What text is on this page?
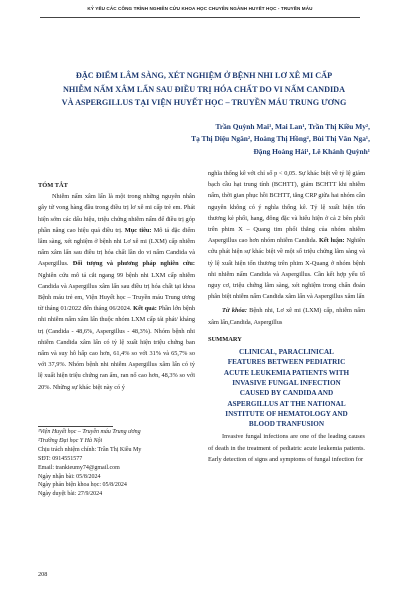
KỶ YẾU CÁC CÔNG TRÌNH NGHIÊN CỨU KHOA HỌC CHUYÊN NGÀNH HUYẾT HỌC - TRUYỀN MÁU
ĐẶC ĐIỂM LÂM SÀNG, XÉT NGHIỆM Ở BỆNH NHI LƠ XÊ MI CẤP
NHIỄM NẤM XÂM LẤN SAU ĐIỀU TRỊ HÓA CHẤT DO VI NẤM CANDIDA
VÀ ASPERGILLUS TẠI VIỆN HUYẾT HỌC – TRUYỀN MÁU TRUNG ƯƠNG
Trần Quỳnh Mai¹, Mai Lan¹, Trần Thị Kiều My²,
Tạ Thị Diệu Ngân², Hoàng Thị Hồng², Bùi Thị Vân Nga¹,
Đặng Hoàng Hải¹, Lê Khánh Quỳnh¹

TÓM TẮT

Nhiễm nấm xâm lấn là một trong những nguyên nhân gây tử vong hàng đầu trong điều trị lơ xê mi cấp trẻ em. Phát hiện sớm các dấu hiệu, triệu chứng nhiễm nấm để điều trị góp phần nâng cao hiệu quả điều trị. Mục tiêu: Mô tả đặc điểm lâm sàng, xét nghiệm ở bệnh nhi Lơ xê mi (LXM) cấp nhiễm nấm xâm lấn sau điều trị hóa chất lần do vi nấm Candida và Aspergillus. Đối tượng và phương pháp nghiên cứu: Nghiên cứu mô tả cắt ngang 99 bệnh nhi LXM cấp nhiễm Candida và Aspergillus xâm lấn sau điều trị hóa chất tại khoa Bệnh máu trẻ em, Viện Huyết học – Truyền máu Trung ương từ tháng 01/2022 đến tháng 06/2024. Kết quả: Phần lớn bệnh nhi nhiễm nấm xâm lấn thuộc nhóm LXM cấp tái phát/ kháng trị (Candida - 48,6%, Aspergillus - 48,3%). Nhóm bệnh nhi nhiễm Candida xâm lấn có tỷ lệ xuất hiện triệu chứng ban nấm và suy hô hấp cao hơn, 61,4% so với 31% và 65,7% so với 37,9%. Nhóm bệnh nhi nhiễm Aspergillus xâm lấn có tỷ lệ xuất hiện triệu chứng ran ẩm, ran nổ cao hơn, 48,3% so với 20%. Những sự khác biệt này có ý

¹Viện Huyết học – Truyền máu Trung ương
²Trường Đại học Y Hà Nội
Chịu trách nhiệm chính: Trần Thị Kiều My
SĐT: 0914551577
Email: trankieumy74@gmail.com
Ngày nhận bài: 05/8/2024
Ngày phản biện khoa học: 05/8/2024
Ngày duyệt bài: 27/9/2024
208

nghĩa thống kê với chỉ số p < 0,05. Sự khác biệt về tỷ lệ giảm bạch cầu hạt trung tính (BCHTT), giảm BCHTT khi nhiễm nấm, thời gian phục hồi BCHTT, tăng CRP giữa hai nhóm cần nguyên không có ý nghĩa thống kê. Tỷ lệ xuất hiện tổn thương kẻ phổi, hang, đông đặc và hiểu hiện ở cả 2 bên phổi trên phim X – Quang tim phổi thẳng của nhóm nhiễm Aspergillus cao hơn nhóm nhiễm Candida. Kết luận: Nghiên cứu phát hiện sự khác biệt về một số triệu chứng lâm sàng và tỷ lệ xuất hiện tổn thương trên phim X-Quang ở nhóm bệnh nhi nhiễm nấm Candida và Aspergillus. Cần kết hợp yếu tố nguy cơ, triệu chứng lâm sàng, xét nghiệm trong chẩn đoán phân biệt nhiễm nấm Candida xâm lấn và Aspergillus xâm lấn

Từ khóa: Bệnh nhi, Lơ xê mi (LXM) cấp, nhiễm nấm xâm lấn,Candida, Aspergillus

SUMMARY

CLINICAL, PARACLINICAL
FEATURES BETWEEN PEDIATRIC
ACUTE LEUKEMIA PATIENTS WITH
INVASIVE FUNGAL INFECTION
CAUSED BY CANDIDA AND
ASPERGILLUS AT THE NATIONAL
INSTITUTE OF HEMATOLOGY AND
BLOOD TRANFUSION

Invasive fungal infections are one of the leading causes of death in the treatment of pediatric acute leukemia patients. Early detection of signs and symptoms of fungal infection for
